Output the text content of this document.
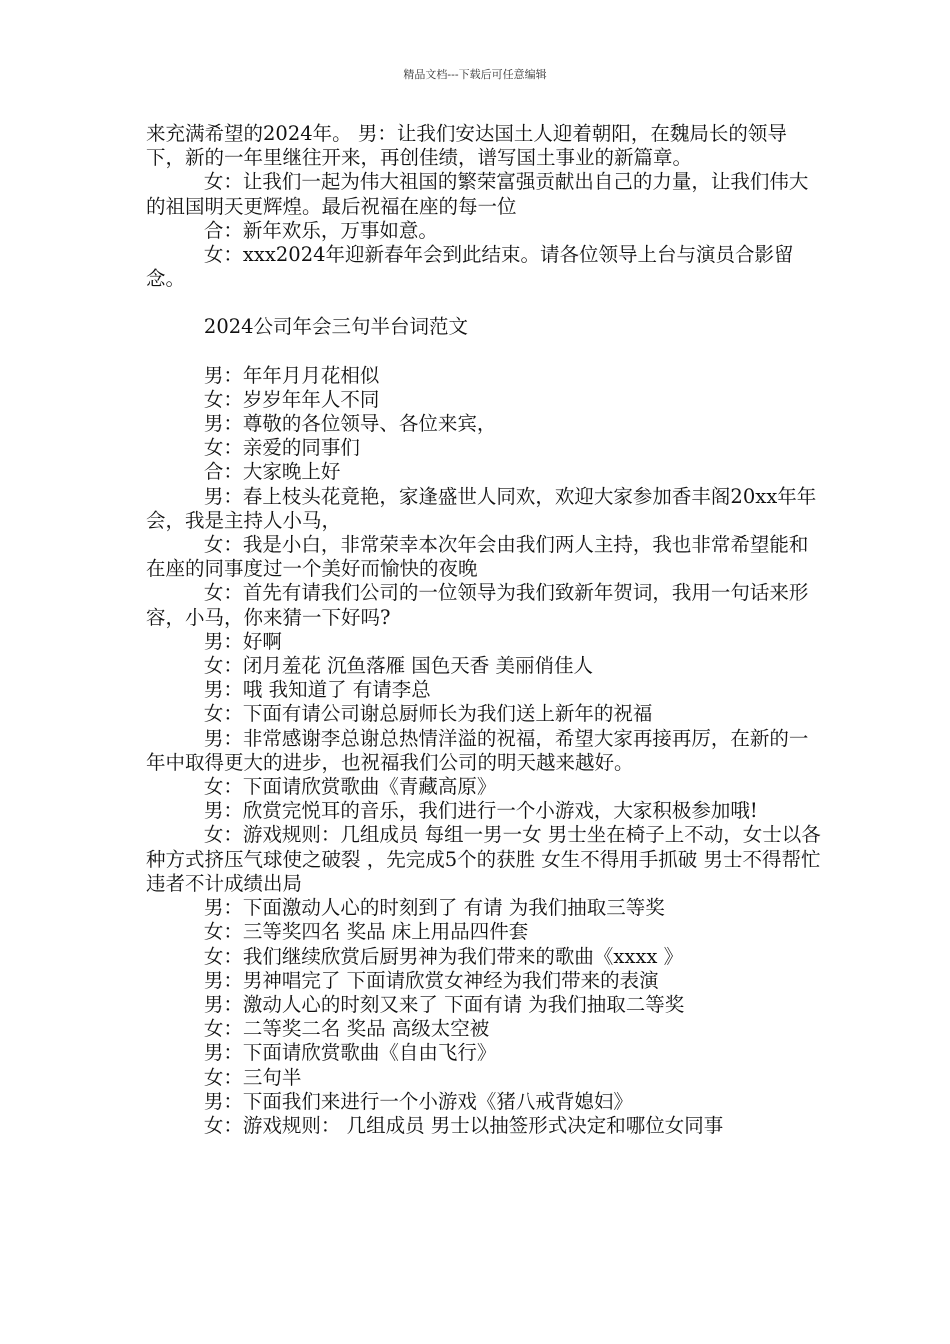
精品文档---下载后可任意编辑

来充满希望的2024年。 男：让我们安达国土人迎着朝阳，在魏局长的领导下，新的一年里继往开来，再创佳绩，谱写国土事业的新篇章。

女：让我们一起为伟大祖国的繁荣富强贡献出自己的力量，让我们伟大的祖国明天更辉煌。最后祝福在座的每一位

合：新年欢乐，万事如意。

女：xxx2024年迎新春年会到此结束。请各位领导上台与演员合影留念。

2024公司年会三句半台词范文

男：年年月月花相似

女：岁岁年年人不同

男：尊敬的各位领导、各位来宾，

女：亲爱的同事们

合：大家晚上好

男：春上枝头花竟艳，家逢盛世人同欢，欢迎大家参加香丰阁20xx年年会，我是主持人小马，

女：我是小白，非常荣幸本次年会由我们两人主持，我也非常希望能和在座的同事度过一个美好而愉快的夜晚

女：首先有请我们公司的一位领导为我们致新年贺词，我用一句话来形容，小马，你来猜一下好吗?

男：好啊

女：闭月羞花 沉鱼落雁 国色天香 美丽俏佳人

男：哦 我知道了 有请李总

女：下面有请公司谢总厨师长为我们送上新年的祝福

男：非常感谢李总谢总热情洋溢的祝福，希望大家再接再厉，在新的一年中取得更大的进步，也祝福我们公司的明天越来越好。

女：下面请欣赏歌曲《青藏高原》

男：欣赏完悦耳的音乐，我们进行一个小游戏，大家积极参加哦!

女：游戏规则：几组成员 每组一男一女 男士坐在椅子上不动，女士以各种方式挤压气球使之破裂 ，先完成5个的获胜 女生不得用手抓破 男士不得帮忙 违者不计成绩出局

男：下面激动人心的时刻到了 有请 为我们抽取三等奖

女：三等奖四名 奖品 床上用品四件套

女：我们继续欣赏后厨男神为我们带来的歌曲《xxxx 》

男：男神唱完了 下面请欣赏女神经为我们带来的表演

男：激动人心的时刻又来了 下面有请 为我们抽取二等奖

女：二等奖二名 奖品 高级太空被

男：下面请欣赏歌曲《自由飞行》

女：三句半

男：下面我们来进行一个小游戏《猪八戒背媳妇》

女：游戏规则： 几组成员 男士以抽签形式决定和哪位女同事
